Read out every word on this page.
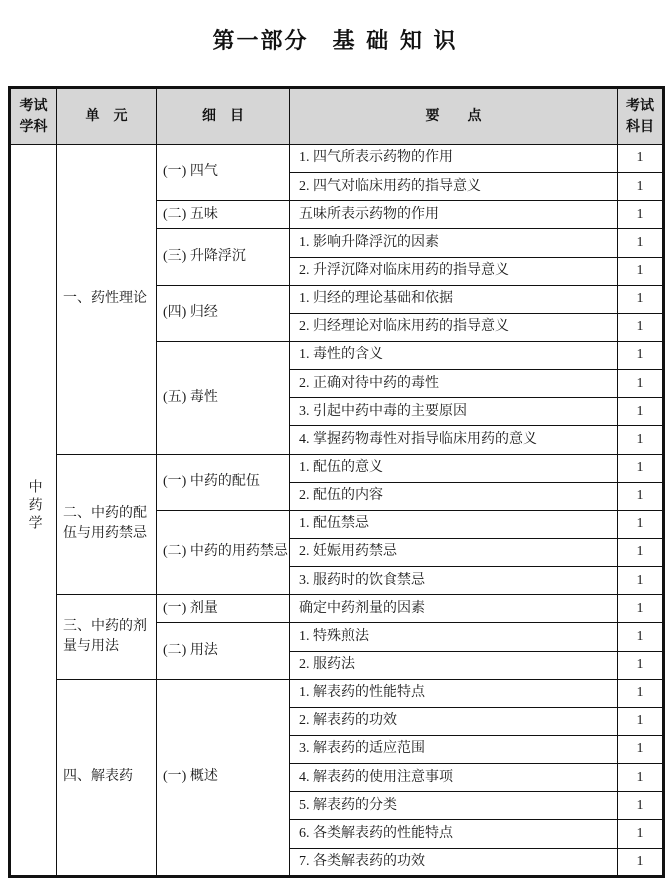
第一部分　基 础 知 识
考试学科	单　元	细　目	要　　点	考试科目
中药学	一、药性理论	(一) 四气	1. 四气所表示药物的作用	1
			2. 四气对临床用药的指导意义	1
		(二) 五味	五味所表示药物的作用	1
		(三) 升降浮沉	1. 影响升降浮沉的因素	1
			2. 升浮沉降对临床用药的指导意义	1
		(四) 归经	1. 归经的理论基础和依据	1
			2. 归经理论对临床用药的指导意义	1
		(五) 毒性	1. 毒性的含义	1
			2. 正确对待中药的毒性	1
			3. 引起中药中毒的主要原因	1
			4. 掌握药物毒性对指导临床用药的意义	1
	二、中药的配伍与用药禁忌	(一) 中药的配伍	1. 配伍的意义	1
			2. 配伍的内容	1
		(二) 中药的用药禁忌	1. 配伍禁忌	1
			2. 妊娠用药禁忌	1
			3. 服药时的饮食禁忌	1
	三、中药的剂量与用法	(一) 剂量	确定中药剂量的因素	1
		(二) 用法	1. 特殊煎法	1
			2. 服药法	1
	四、解表药	(一) 概述	1. 解表药的性能特点	1
			2. 解表药的功效	1
			3. 解表药的适应范围	1
			4. 解表药的使用注意事项	1
			5. 解表药的分类	1
			6. 各类解表药的性能特点	1
			7. 各类解表药的功效	1
